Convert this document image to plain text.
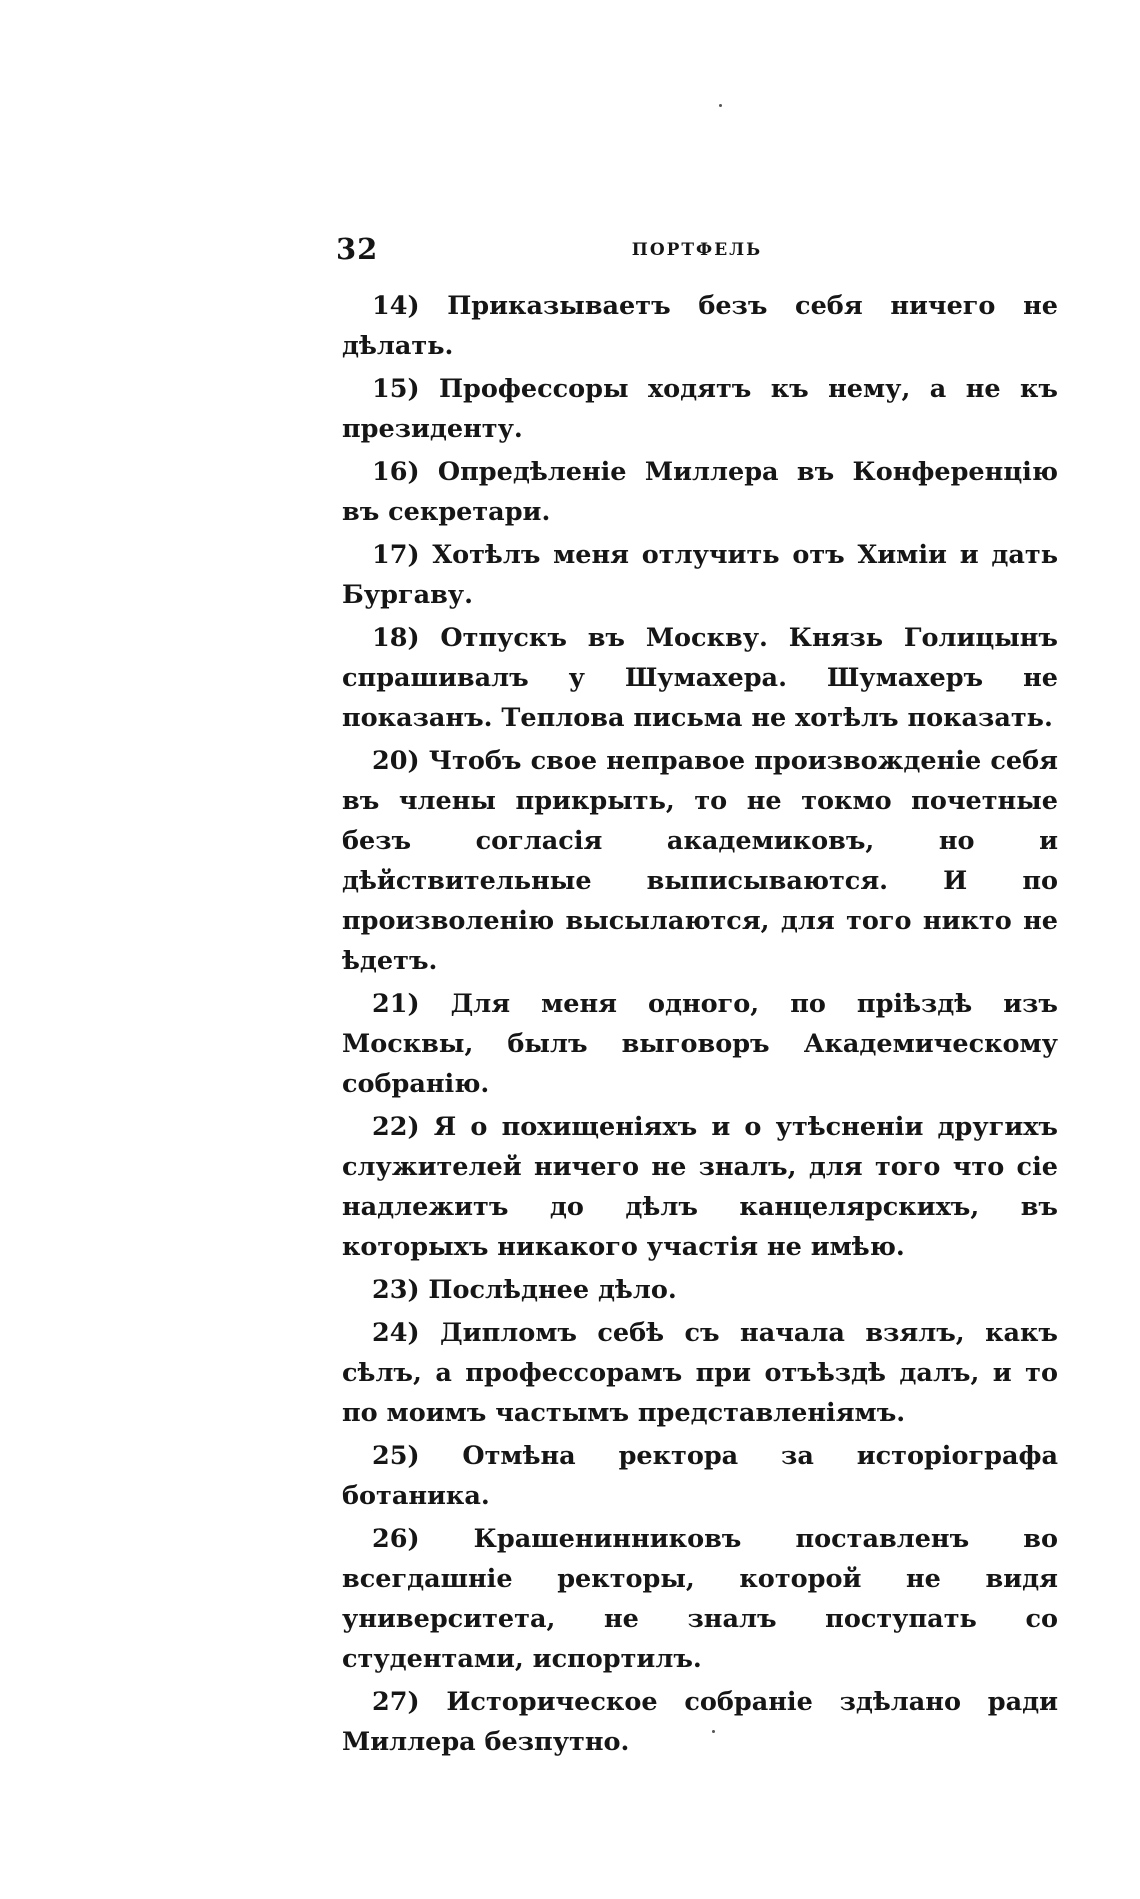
32	ПОРТФЕЛЬ

14) Приказываетъ безъ себя ничего не дѣлать.

15) Профессоры ходятъ къ нему, а не къ президенту.

16) Опредѣленіе Миллера въ Конференцію въ секретари.

17) Хотѣлъ меня отлучить отъ Химіи и дать Бургаву.

18) Отпускъ въ Москву. Князь Голицынъ спрашивалъ у Шумахера. Шумахеръ не показанъ. Теплова письма не хотѣлъ показать.

20) Чтобъ свое неправое произвожденіе себя въ члены прикрыть, то не токмо почетные безъ согласія академиковъ, но и дѣйствительные выписываются. И по произволенію высылаются, для того никто не ѣдетъ.

21) Для меня одного, по пріѣздѣ изъ Москвы, былъ выговоръ Академическому собранію.

22) Я о похищеніяхъ и о утѣсненіи другихъ служителей ничего не зналъ, для того что сіе надлежитъ до дѣлъ канцелярскихъ, въ которыхъ никакого участія не имѣю.

23) Послѣднее дѣло.

24) Дипломъ себѣ съ начала взялъ, какъ сѣлъ, а профессорамъ при отъѣздѣ далъ, и то по моимъ частымъ представленіямъ.

25) Отмѣна ректора за исторіографа ботаника.

26) Крашенинниковъ поставленъ во всегдашніе ректоры, которой не видя университета, не зналъ поступать со студентами, испортилъ.

27) Историческое собраніе здѣлано ради Миллера безпутно.
